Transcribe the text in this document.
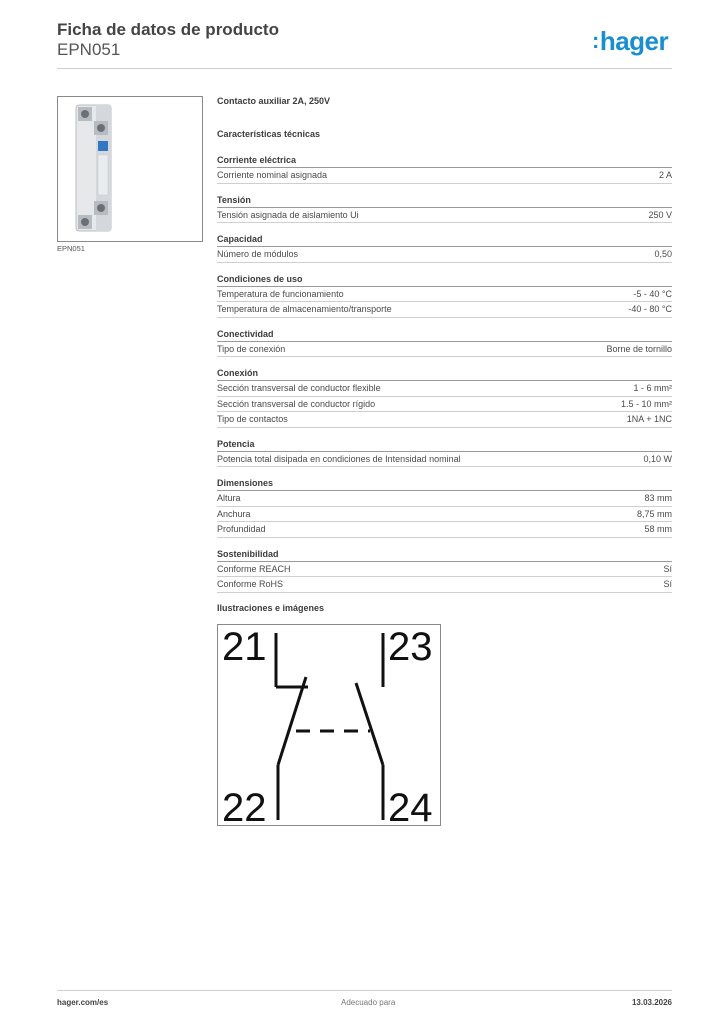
Ficha de datos de producto
EPN051	:hager
EPN051
Contacto auxiliar 2A, 250V
Características técnicas
Corriente eléctrica
Corriente nominal asignada	2 A
Tensión
Tensión asignada de aislamiento Ui	250 V
Capacidad
Número de módulos	0,50
Condiciones de uso
Temperatura de funcionamiento	-5 - 40 °C
Temperatura de almacenamiento/transporte	-40 - 80 °C
Conectividad
Tipo de conexión	Borne de tornillo
Conexión
Sección transversal de conductor flexible	1 - 6 mm²
Sección transversal de conductor rígido	1.5 - 10 mm²
Tipo de contactos	1NA + 1NC
Potencia
Potencia total disipada en condiciones de Intensidad nominal	0,10 W
Dimensiones
Altura	83 mm
Anchura	8,75 mm
Profundidad	58 mm
Sostenibilidad
Conforme REACH	Sí
Conforme RoHS	Sí
Ilustraciones e imágenes
21	23
22	24
hager.com/es	Adecuado para	13.03.2026
